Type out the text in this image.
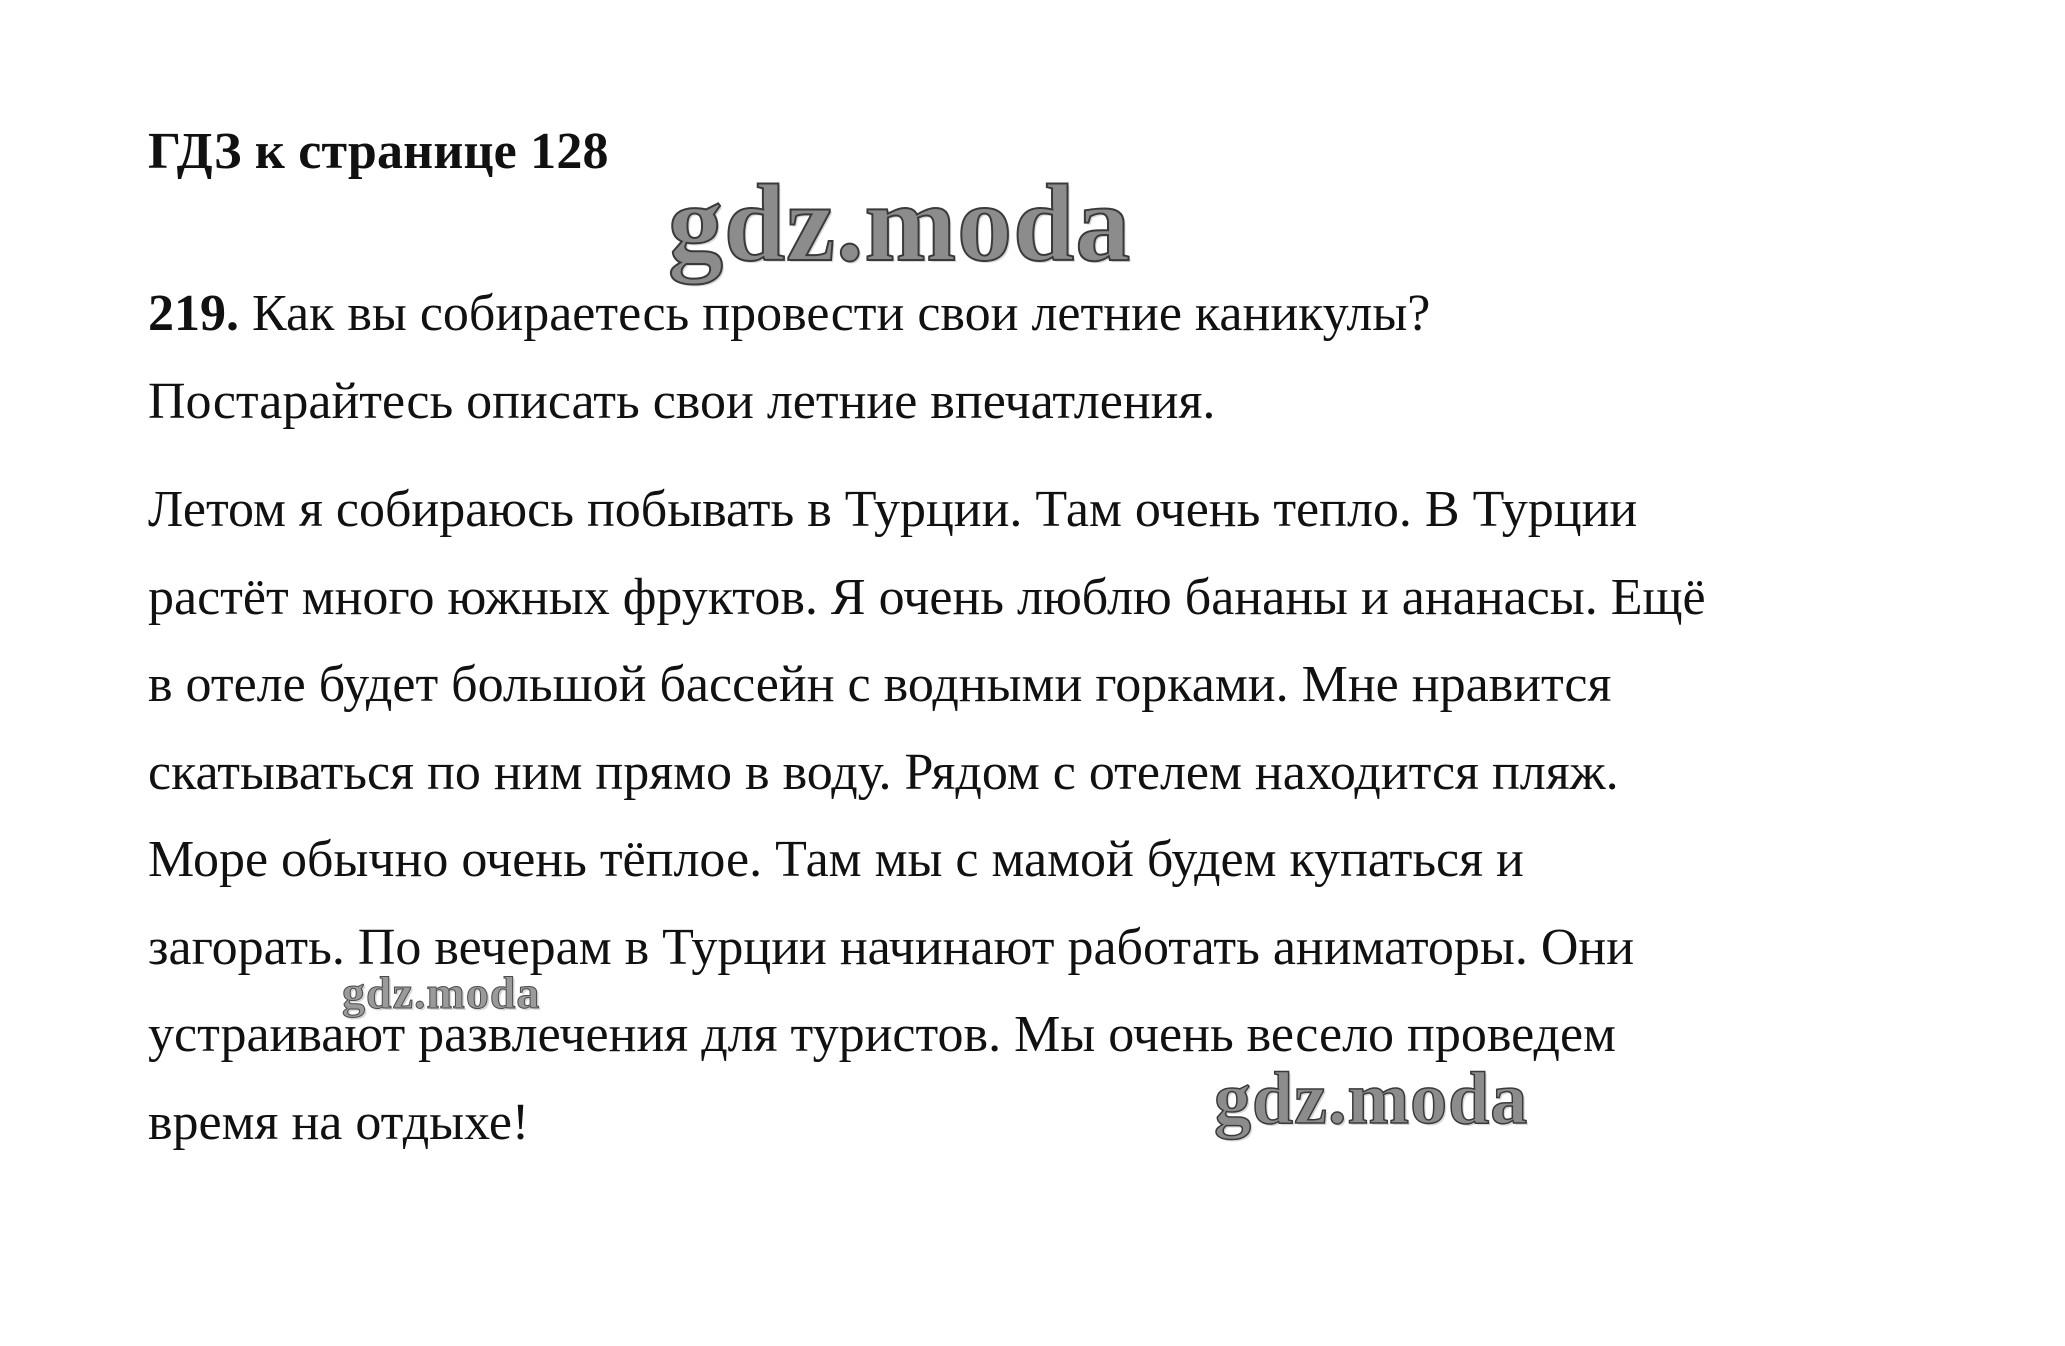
ГДЗ к странице 128

219. Как вы собираетесь провести свои летние каникулы?
Постарайтесь описать свои летние впечатления.

Летом я собираюсь побывать в Турции. Там очень тепло. В Турции
растёт много южных фруктов. Я очень люблю бананы и ананасы. Ещё
в отеле будет большой бассейн с водными горками. Мне нравится
скатываться по ним прямо в воду. Рядом с отелем находится пляж.
Море обычно очень тёплое. Там мы с мамой будем купаться и
загорать. По вечерам в Турции начинают работать аниматоры. Они
устраивают развлечения для туристов. Мы очень весело проведем
время на отдыхе!

gdz.moda
gdz.moda
gdz.moda
